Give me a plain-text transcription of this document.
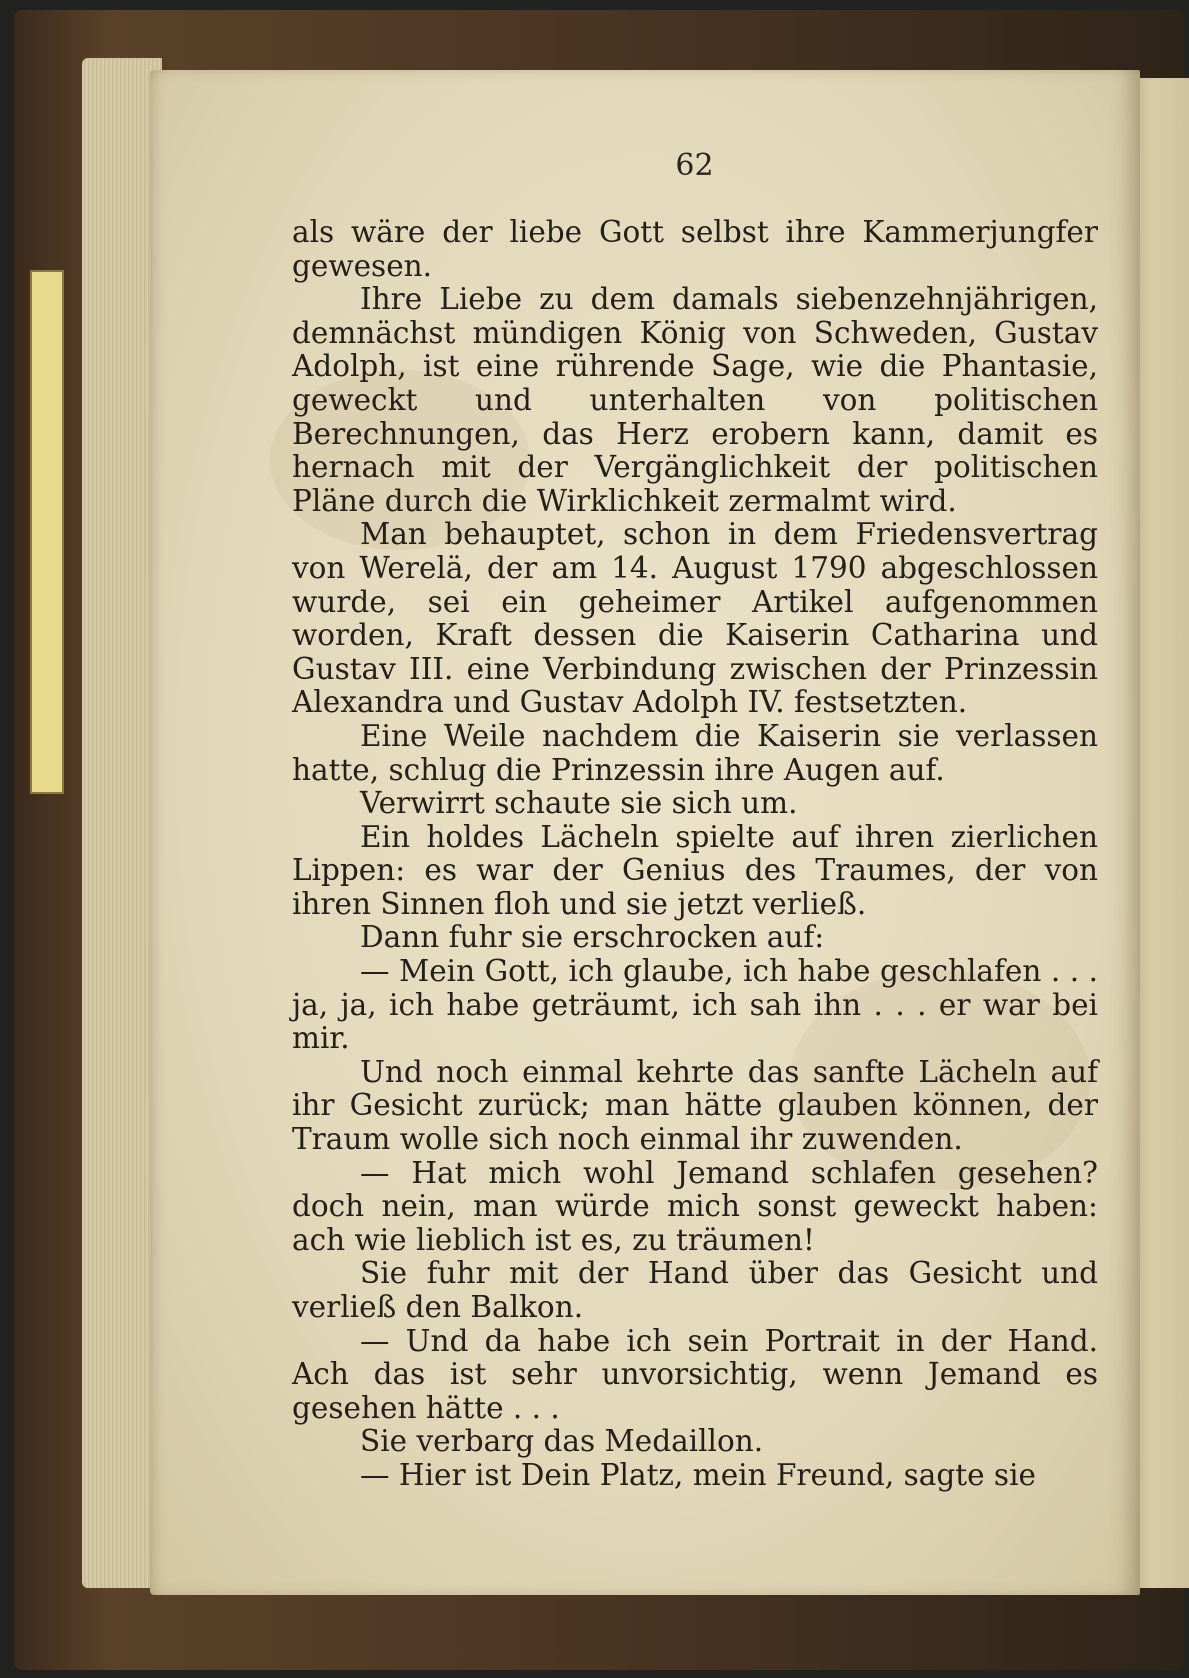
62

als wäre der liebe Gott selbst ihre Kammerjungfer gewesen.

Ihre Liebe zu dem damals siebenzehnjährigen, demnächst mündigen König von Schweden, Gustav Adolph, ist eine rührende Sage, wie die Phantasie, geweckt und unterhalten von politischen Berechnungen, das Herz erobern kann, damit es hernach mit der Vergänglichkeit der politischen Pläne durch die Wirklichkeit zermalmt wird.

Man behauptet, schon in dem Friedensvertrag von Werelä, der am 14. August 1790 abgeschlossen wurde, sei ein geheimer Artikel aufgenommen worden, Kraft dessen die Kaiserin Catharina und Gustav III. eine Verbindung zwischen der Prinzessin Alexandra und Gustav Adolph IV. festsetzten.

Eine Weile nachdem die Kaiserin sie verlassen hatte, schlug die Prinzessin ihre Augen auf.

Verwirrt schaute sie sich um.

Ein holdes Lächeln spielte auf ihren zierlichen Lippen: es war der Genius des Traumes, der von ihren Sinnen floh und sie jetzt verließ.

Dann fuhr sie erschrocken auf:

— Mein Gott, ich glaube, ich habe geschlafen . . . ja, ja, ich habe geträumt, ich sah ihn . . . er war bei mir.

Und noch einmal kehrte das sanfte Lächeln auf ihr Gesicht zurück; man hätte glauben können, der Traum wolle sich noch einmal ihr zuwenden.

— Hat mich wohl Jemand schlafen gesehen? doch nein, man würde mich sonst geweckt haben: ach wie lieblich ist es, zu träumen!

Sie fuhr mit der Hand über das Gesicht und verließ den Balkon.

— Und da habe ich sein Portrait in der Hand. Ach das ist sehr unvorsichtig, wenn Jemand es gesehen hätte . . .

Sie verbarg das Medaillon.

— Hier ist Dein Platz, mein Freund, sagte sie
